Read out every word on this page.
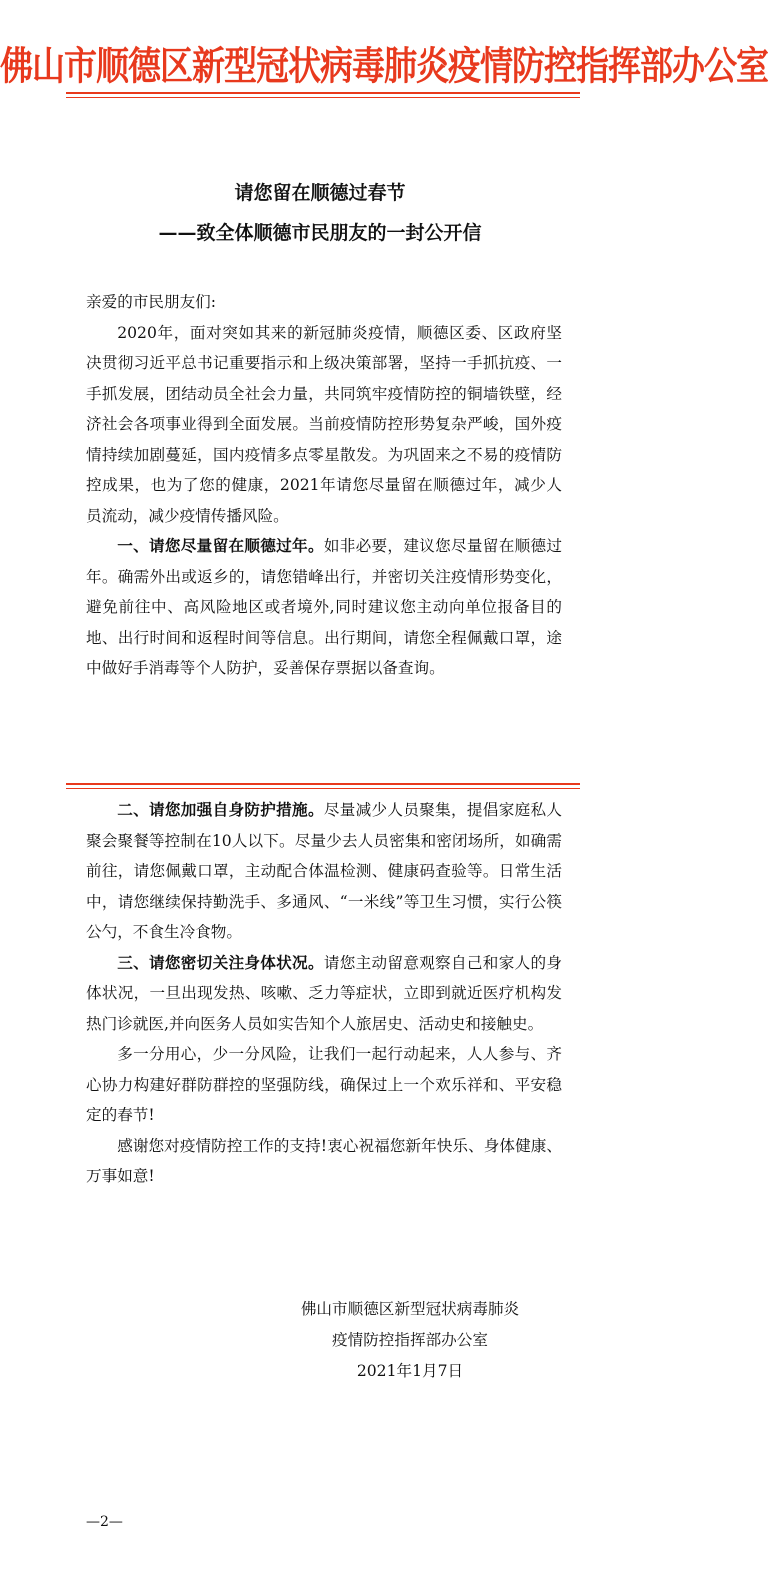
佛山市顺德区新型冠状病毒肺炎疫情防控指挥部办公室
请您留在顺德过春节
——致全体顺德市民朋友的一封公开信

亲爱的市民朋友们:

2020年，面对突如其来的新冠肺炎疫情，顺德区委、区政府坚决贯彻习近平总书记重要指示和上级决策部署，坚持一手抓抗疫、一手抓发展，团结动员全社会力量，共同筑牢疫情防控的铜墙铁壁，经济社会各项事业得到全面发展。当前疫情防控形势复杂严峻，国外疫情持续加剧蔓延，国内疫情多点零星散发。为巩固来之不易的疫情防控成果，也为了您的健康，2021年请您尽量留在顺德过年，减少人员流动，减少疫情传播风险。

一、请您尽量留在顺德过年。如非必要，建议您尽量留在顺德过年。确需外出或返乡的，请您错峰出行，并密切关注疫情形势变化，避免前往中、高风险地区或者境外,同时建议您主动向单位报备目的地、出行时间和返程时间等信息。出行期间，请您全程佩戴口罩，途中做好手消毒等个人防护，妥善保存票据以备查询。

二、请您加强自身防护措施。尽量减少人员聚集，提倡家庭私人聚会聚餐等控制在10人以下。尽量少去人员密集和密闭场所，如确需前往，请您佩戴口罩，主动配合体温检测、健康码查验等。日常生活中，请您继续保持勤洗手、多通风、“一米线”等卫生习惯，实行公筷公勺，不食生冷食物。

三、请您密切关注身体状况。请您主动留意观察自己和家人的身体状况，一旦出现发热、咳嗽、乏力等症状，立即到就近医疗机构发热门诊就医,并向医务人员如实告知个人旅居史、活动史和接触史。

多一分用心，少一分风险，让我们一起行动起来，人人参与、齐心协力构建好群防群控的坚强防线，确保过上一个欢乐祥和、平安稳定的春节!

感谢您对疫情防控工作的支持!衷心祝福您新年快乐、身体健康、万事如意!

佛山市顺德区新型冠状病毒肺炎
疫情防控指挥部办公室
2021年1月7日
—2—
